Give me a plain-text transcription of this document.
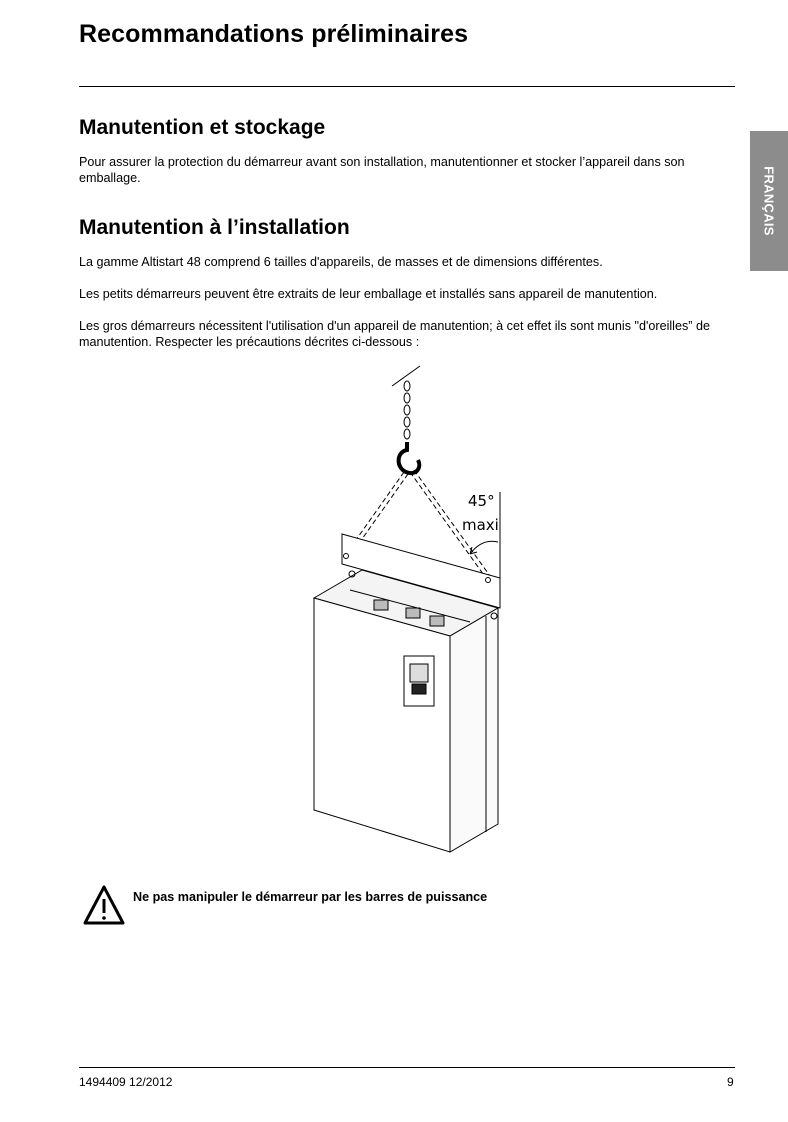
Recommandations préliminaires
FRANÇAIS
Manutention et stockage

Pour assurer la protection du démarreur avant son installation, manutentionner et stocker l’appareil dans son emballage.

Manutention à l’installation

La gamme Altistart 48 comprend 6 tailles d'appareils, de masses et de dimensions différentes.

Les petits démarreurs peuvent être extraits de leur emballage et installés sans appareil de manutention.

Les gros démarreurs nécessitent l'utilisation d'un appareil de manutention; à cet effet ils sont munis "d'oreilles” de manutention. Respecter les précautions décrites ci-dessous :

45°
maxi
Ne pas manipuler le démarreur par les barres de puissance
1494409 12/2012	9
